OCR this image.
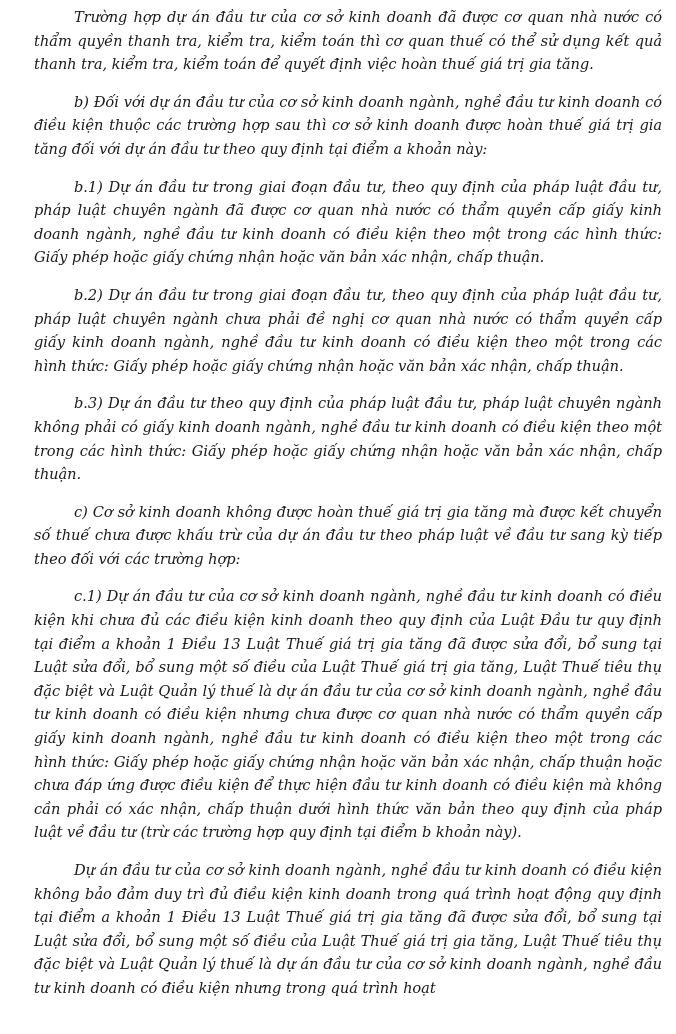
Trường hợp dự án đầu tư của cơ sở kinh doanh đã được cơ quan nhà nước có thẩm quyền thanh tra, kiểm tra, kiểm toán thì cơ quan thuế có thể sử dụng kết quả thanh tra, kiểm tra, kiểm toán để quyết định việc hoàn thuế giá trị gia tăng.

b) Đối với dự án đầu tư của cơ sở kinh doanh ngành, nghề đầu tư kinh doanh có điều kiện thuộc các trường hợp sau thì cơ sở kinh doanh được hoàn thuế giá trị gia tăng đối với dự án đầu tư theo quy định tại điểm a khoản này:

b.1) Dự án đầu tư trong giai đoạn đầu tư, theo quy định của pháp luật đầu tư, pháp luật chuyên ngành đã được cơ quan nhà nước có thẩm quyền cấp giấy kinh doanh ngành, nghề đầu tư kinh doanh có điều kiện theo một trong các hình thức: Giấy phép hoặc giấy chứng nhận hoặc văn bản xác nhận, chấp thuận.

b.2) Dự án đầu tư trong giai đoạn đầu tư, theo quy định của pháp luật đầu tư, pháp luật chuyên ngành chưa phải đề nghị cơ quan nhà nước có thẩm quyền cấp giấy kinh doanh ngành, nghề đầu tư kinh doanh có điều kiện theo một trong các hình thức: Giấy phép hoặc giấy chứng nhận hoặc văn bản xác nhận, chấp thuận.

b.3) Dự án đầu tư theo quy định của pháp luật đầu tư, pháp luật chuyên ngành không phải có giấy kinh doanh ngành, nghề đầu tư kinh doanh có điều kiện theo một trong các hình thức: Giấy phép hoặc giấy chứng nhận hoặc văn bản xác nhận, chấp thuận.

c) Cơ sở kinh doanh không được hoàn thuế giá trị gia tăng mà được kết chuyển số thuế chưa được khấu trừ của dự án đầu tư theo pháp luật về đầu tư sang kỳ tiếp theo đối với các trường hợp:

c.1) Dự án đầu tư của cơ sở kinh doanh ngành, nghề đầu tư kinh doanh có điều kiện khi chưa đủ các điều kiện kinh doanh theo quy định của Luật Đầu tư quy định tại điểm a khoản 1 Điều 13 Luật Thuế giá trị gia tăng đã được sửa đổi, bổ sung tại Luật sửa đổi, bổ sung một số điều của Luật Thuế giá trị gia tăng, Luật Thuế tiêu thụ đặc biệt và Luật Quản lý thuế là dự án đầu tư của cơ sở kinh doanh ngành, nghề đầu tư kinh doanh có điều kiện nhưng chưa được cơ quan nhà nước có thẩm quyền cấp giấy kinh doanh ngành, nghề đầu tư kinh doanh có điều kiện theo một trong các hình thức: Giấy phép hoặc giấy chứng nhận hoặc văn bản xác nhận, chấp thuận hoặc chưa đáp ứng được điều kiện để thực hiện đầu tư kinh doanh có điều kiện mà không cần phải có xác nhận, chấp thuận dưới hình thức văn bản theo quy định của pháp luật về đầu tư (trừ các trường hợp quy định tại điểm b khoản này).

Dự án đầu tư của cơ sở kinh doanh ngành, nghề đầu tư kinh doanh có điều kiện không bảo đảm duy trì đủ điều kiện kinh doanh trong quá trình hoạt động quy định tại điểm a khoản 1 Điều 13 Luật Thuế giá trị gia tăng đã được sửa đổi, bổ sung tại Luật sửa đổi, bổ sung một số điều của Luật Thuế giá trị gia tăng, Luật Thuế tiêu thụ đặc biệt và Luật Quản lý thuế là dự án đầu tư của cơ sở kinh doanh ngành, nghề đầu tư kinh doanh có điều kiện nhưng trong quá trình hoạt
